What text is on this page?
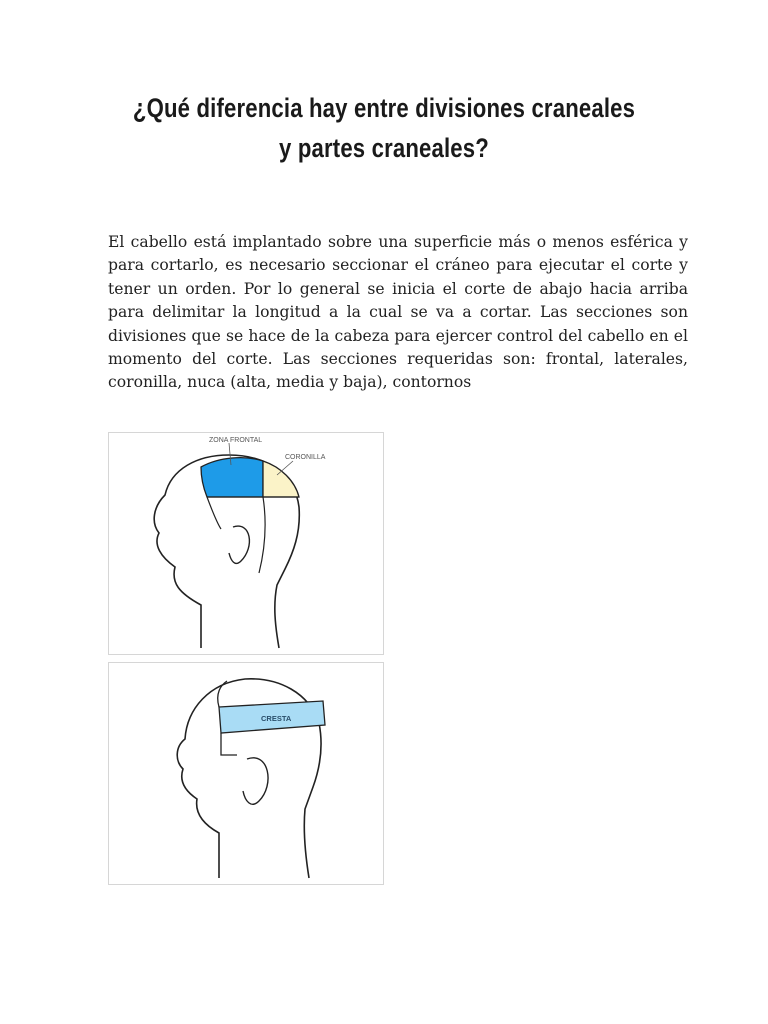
¿Qué diferencia hay entre divisiones craneales
y partes craneales?

El cabello está implantado sobre una superficie más o menos esférica y para cortarlo, es necesario seccionar el cráneo para ejecutar el corte y tener un orden. Por lo general se inicia el corte de abajo hacia arriba para delimitar la longitud a la cual se va a cortar. Las secciones son divisiones que se hace de la cabeza para ejercer control del cabello en el momento del corte. Las secciones requeridas son: frontal, laterales, coronilla, nuca (alta, media y baja), contornos

ZONA FRONTAL
CORONILLA
CRESTA
